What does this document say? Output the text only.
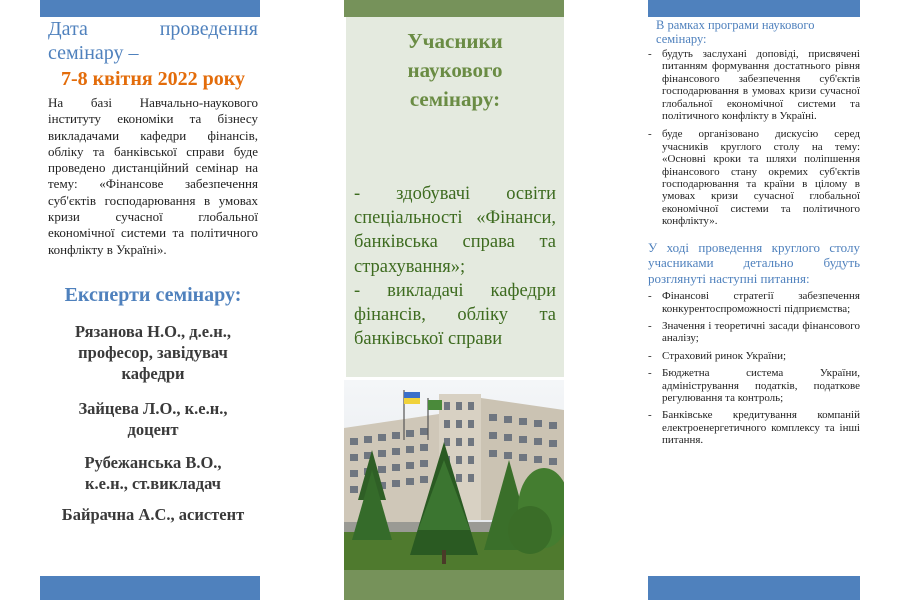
Дата проведення
семінару –
7-8 квітня 2022 року
На базі Навчально-наукового інституту економіки та бізнесу викладачами кафедри фінансів, обліку та банківської справи буде проведено дистанційний семінар на тему: «Фінансове забезпечення суб'єктів господарювання в умовах кризи сучасної глобальної економічної системи та політичного конфлікту в Україні».
Експерти семінару:
Рязанова Н.О., д.е.н., професор, завідувач кафедри
Зайцева Л.О., к.е.н., доцент
Рубежанська В.О., к.е.н., ст.викладач
Байрачна А.С., асистент
Учасники наукового семінару:
- здобувачі освіти спеціальності «Фінанси, банківська справа та страхування»;
- викладачі кафедри фінансів, обліку та банківської справи
В рамках програми наукового семінару:
- будуть заслухані доповіді, присвячені питанням формування достатнього рівня фінансового забезпечення суб'єктів господарювання в умовах кризи сучасної глобальної економічної системи та політичного конфлікту в Україні.
- буде організовано дискусію серед учасників круглого столу на тему: «Основні кроки та шляхи поліпшення фінансового стану окремих суб'єктів господарювання та країни в цілому в умовах кризи сучасної глобальної економічної системи та політичного конфлікту».
У ході проведення круглого столу учасниками детально будуть розглянуті наступні питання:
- Фінансові стратегії забезпечення конкурентоспроможності підприємства;
- Значення і теоретичні засади фінансового аналізу;
- Страховий ринок України;
- Бюджетна система України, адміністрування податків, податкове регулювання та контроль;
- Банківське кредитування компаній електроенергетичного комплексу та інші питання.
